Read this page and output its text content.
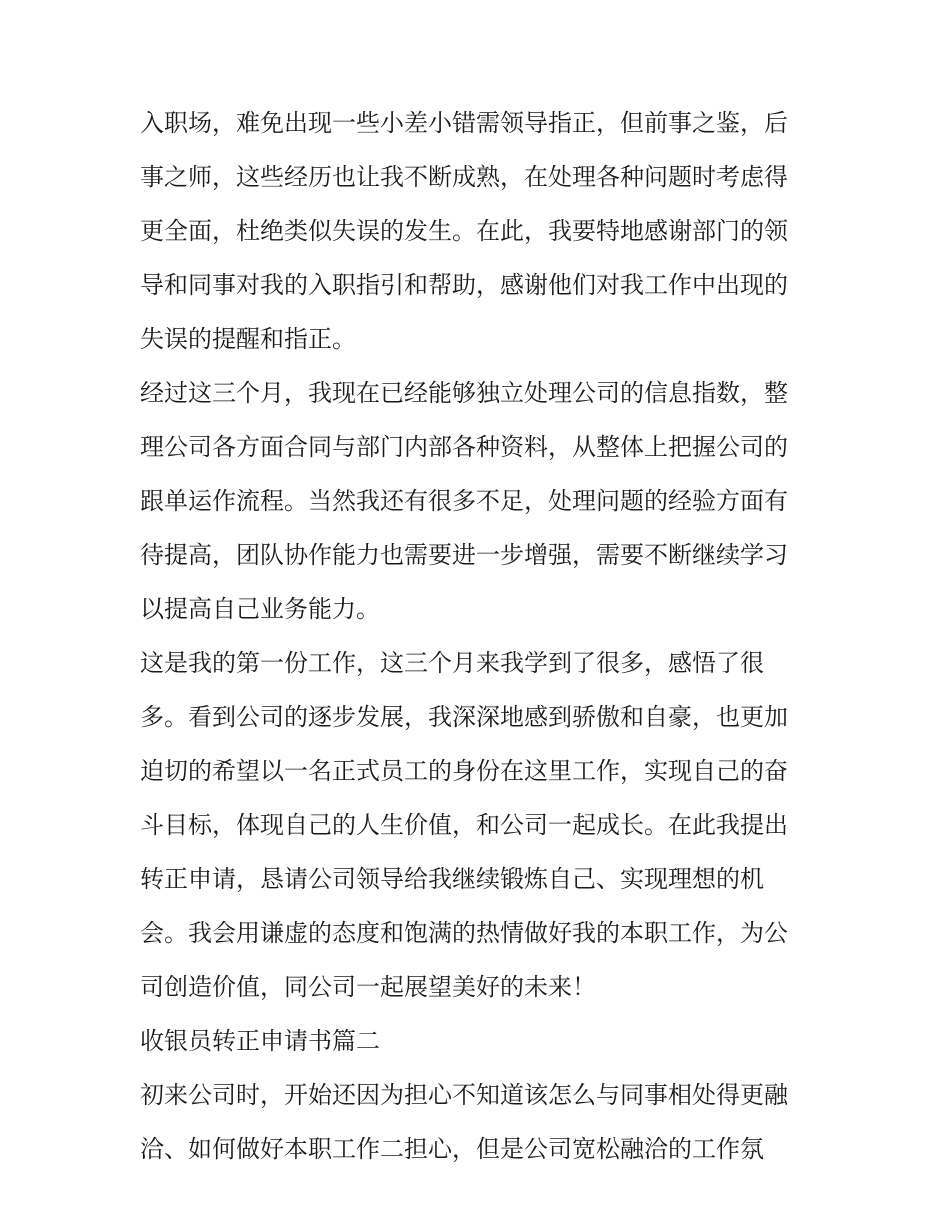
入职场，难免出现一些小差小错需领导指正，但前事之鉴，后
事之师，这些经历也让我不断成熟，在处理各种问题时考虑得
更全面，杜绝类似失误的发生。在此，我要特地感谢部门的领
导和同事对我的入职指引和帮助，感谢他们对我工作中出现的
失误的提醒和指正。
经过这三个月，我现在已经能够独立处理公司的信息指数，整
理公司各方面合同与部门内部各种资料，从整体上把握公司的
跟单运作流程。当然我还有很多不足，处理问题的经验方面有
待提高，团队协作能力也需要进一步增强，需要不断继续学习
以提高自己业务能力。
这是我的第一份工作，这三个月来我学到了很多，感悟了很
多。看到公司的逐步发展，我深深地感到骄傲和自豪，也更加
迫切的希望以一名正式员工的身份在这里工作，实现自己的奋
斗目标，体现自己的人生价值，和公司一起成长。在此我提出
转正申请，恳请公司领导给我继续锻炼自己、实现理想的机
会。我会用谦虚的态度和饱满的热情做好我的本职工作，为公
司创造价值，同公司一起展望美好的未来！
收银员转正申请书篇二
初来公司时，开始还因为担心不知道该怎么与同事相处得更融
洽、如何做好本职工作二担心，但是公司宽松融洽的工作氛
